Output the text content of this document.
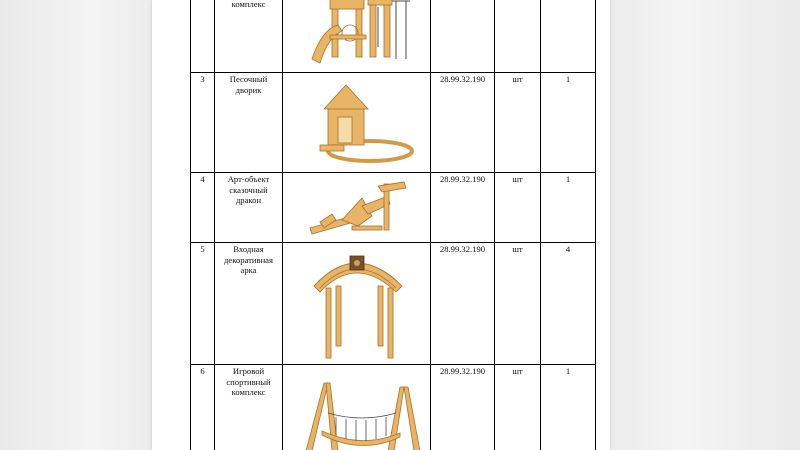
	комплекс	

3	Песочный дворик		28.99.32.190	шт	1
4	Арт-объект сказочный дракон		28.99.32.190	шт	1
5	Входная декоративная арка		28.99.32.190	шт	4
6	Игровой спортивный комплекс		28.99.32.190	шт	1
